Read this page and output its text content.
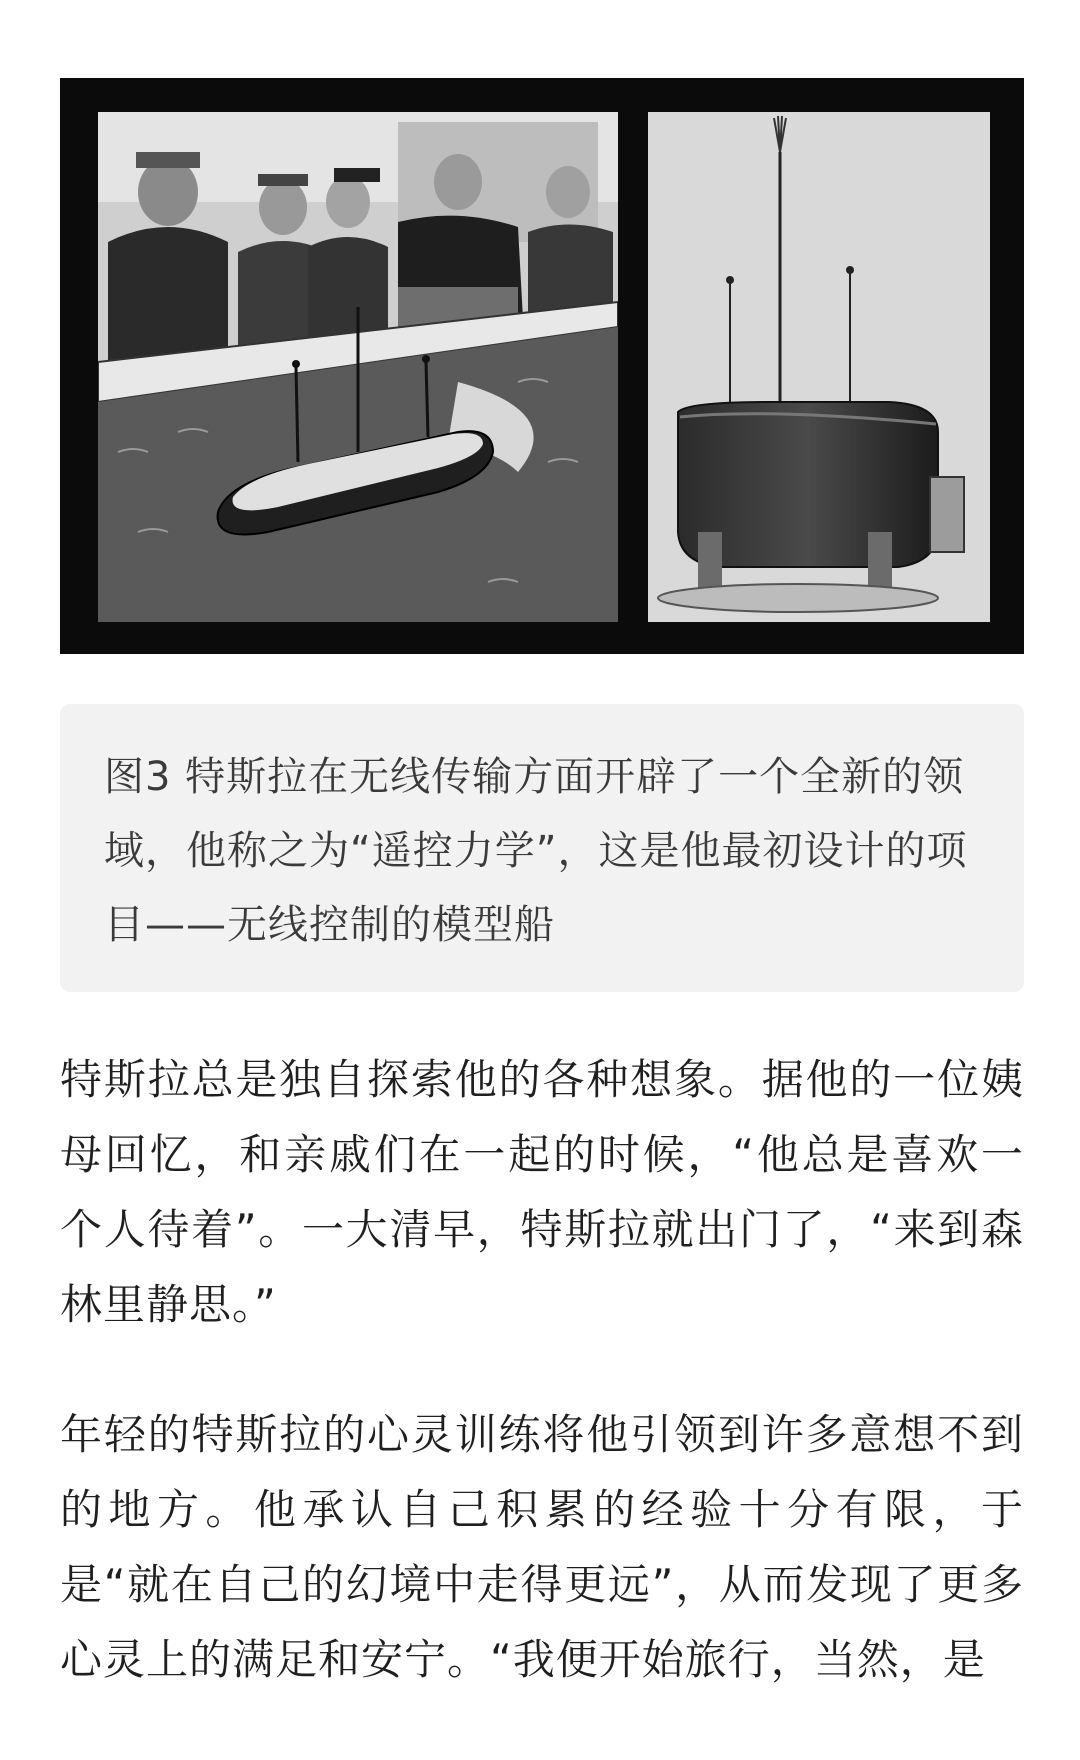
图3 特斯拉在无线传输方面开辟了一个全新的领域，他称之为“遥控力学”，这是他最初设计的项目——无线控制的模型船

特斯拉总是独自探索他的各种想象。据他的一位姨母回忆，和亲戚们在一起的时候，“他总是喜欢一个人待着”。一大清早，特斯拉就出门了，“来到森林里静思。”

年轻的特斯拉的心灵训练将他引领到许多意想不到的地方。他承认自己积累的经验十分有限，于是“就在自己的幻境中走得更远”，从而发现了更多心灵上的满足和安宁。“我便开始旅行，当然，是
